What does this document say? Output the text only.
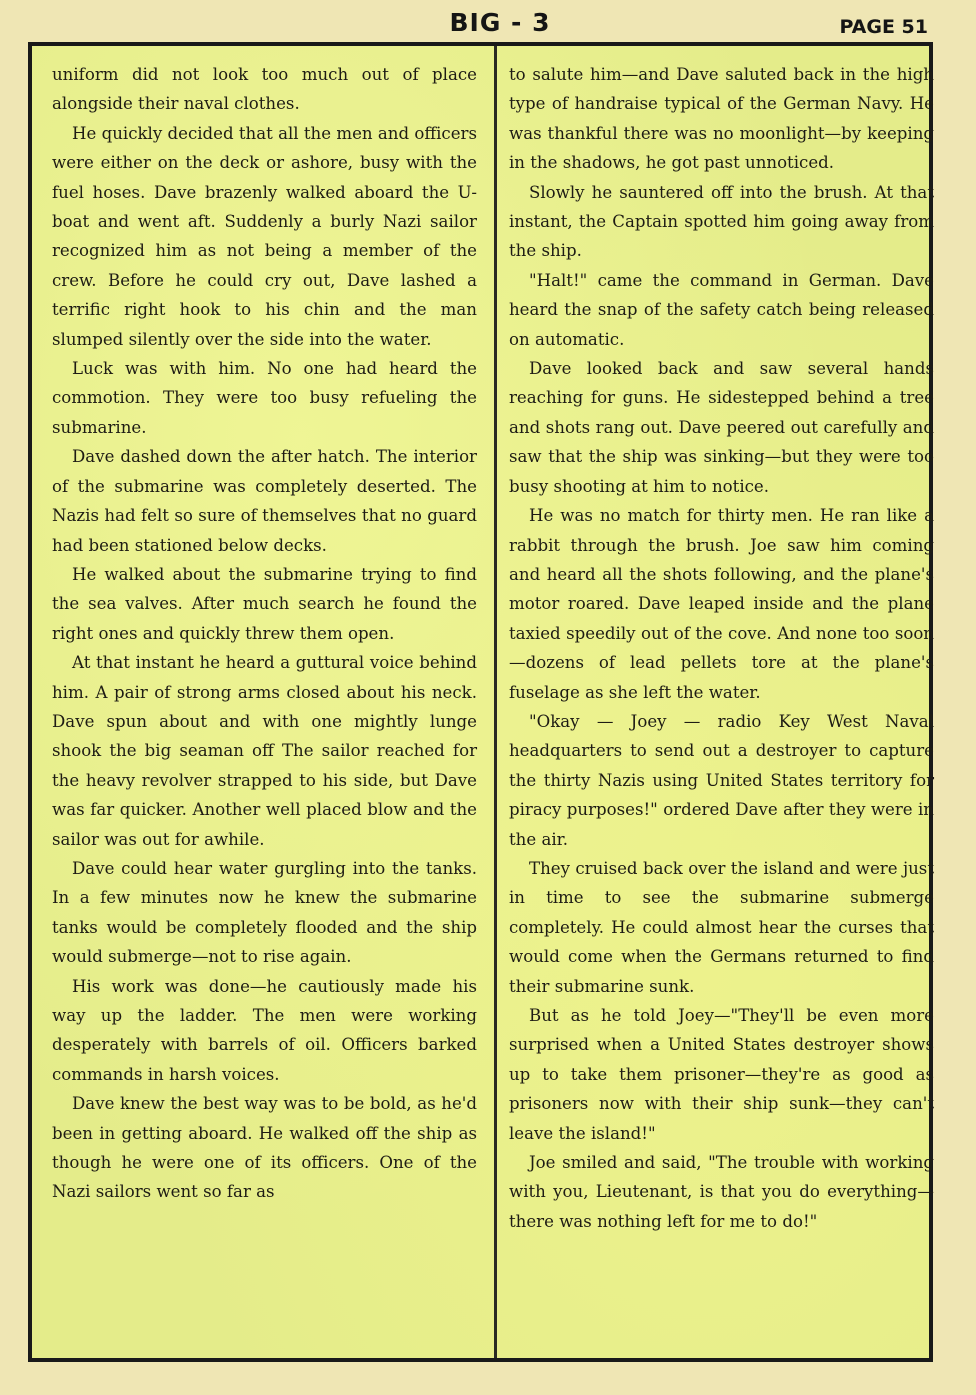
BIG - 3	PAGE 51

uniform did not look too much out of place alongside their naval clothes.

He quickly decided that all the men and officers were either on the deck or ashore, busy with the fuel hoses. Dave brazenly walked aboard the U-boat and went aft. Suddenly a burly Nazi sailor recognized him as not being a member of the crew. Before he could cry out, Dave lashed a terrific right hook to his chin and the man slumped silently over the side into the water.

Luck was with him. No one had heard the commotion. They were too busy refueling the submarine.

Dave dashed down the after hatch. The interior of the submarine was completely deserted. The Nazis had felt so sure of themselves that no guard had been stationed below decks.

He walked about the submarine trying to find the sea valves. After much search he found the right ones and quickly threw them open.

At that instant he heard a guttural voice behind him. A pair of strong arms closed about his neck. Dave spun about and with one mightly lunge shook the big seaman off The sailor reached for the heavy revolver strapped to his side, but Dave was far quicker. Another well placed blow and the sailor was out for awhile.

Dave could hear water gurgling into the tanks. In a few minutes now he knew the submarine tanks would be completely flooded and the ship would submerge—not to rise again.

His work was done—he cautiously made his way up the ladder. The men were working desperately with barrels of oil. Officers barked commands in harsh voices.

Dave knew the best way was to be bold, as he'd been in getting aboard. He walked off the ship as though he were one of its officers. One of the Nazi sailors went so far as

to salute him—and Dave saluted back in the high type of handraise typical of the German Navy. He was thankful there was no moonlight—by keeping in the shadows, he got past unnoticed.

Slowly he sauntered off into the brush. At that instant, the Captain spotted him going away from the ship.

"Halt!" came the command in German. Dave heard the snap of the safety catch being released on automatic.

Dave looked back and saw several hands reaching for guns. He sidestepped behind a tree and shots rang out. Dave peered out carefully and saw that the ship was sinking—but they were too busy shooting at him to notice.

He was no match for thirty men. He ran like a rabbit through the brush. Joe saw him coming and heard all the shots following, and the plane's motor roared. Dave leaped inside and the plane taxied speedily out of the cove. And none too soon—dozens of lead pellets tore at the plane's fuselage as she left the water.

"Okay — Joey — radio Key West Naval headquarters to send out a destroyer to capture the thirty Nazis using United States territory for piracy purposes!" ordered Dave after they were in the air.

They cruised back over the island and were just in time to see the submarine submerge completely. He could almost hear the curses that would come when the Germans returned to find their submarine sunk.

But as he told Joey—"They'll be even more surprised when a United States destroyer shows up to take them prisoner—they're as good as prisoners now with their ship sunk—they can't leave the island!"

Joe smiled and said, "The trouble with working with you, Lieutenant, is that you do everything—there was nothing left for me to do!"
